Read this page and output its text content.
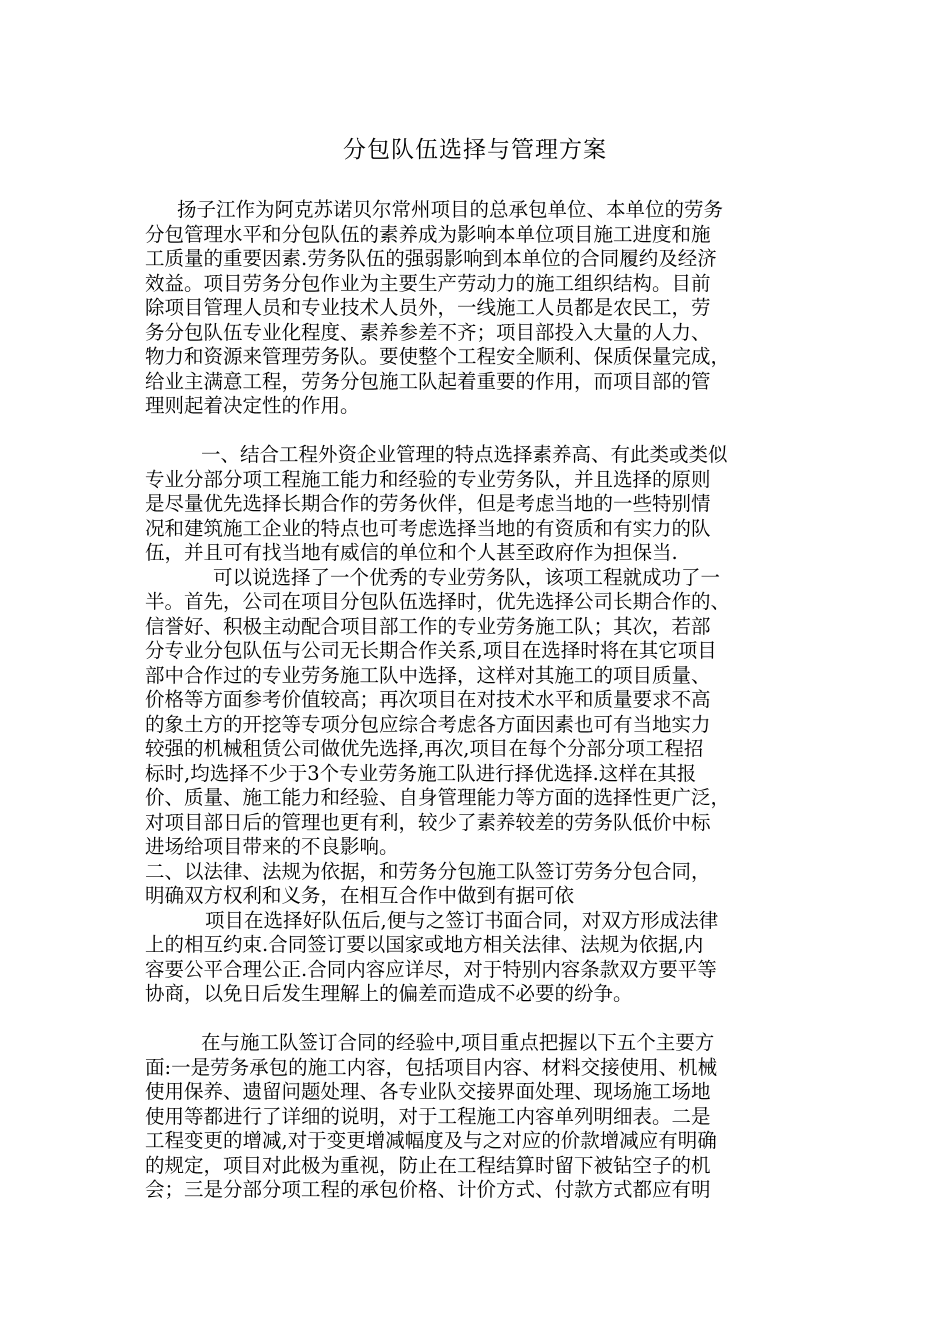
分包队伍选择与管理方案
扬子江作为阿克苏诺贝尔常州项目的总承包单位、本单位的劳务
分包管理水平和分包队伍的素养成为影响本单位项目施工进度和施
工质量的重要因素.劳务队伍的强弱影响到本单位的合同履约及经济
效益。项目劳务分包作业为主要生产劳动力的施工组织结构。目前
除项目管理人员和专业技术人员外，一线施工人员都是农民工，劳
务分包队伍专业化程度、素养参差不齐；项目部投入大量的人力、
物力和资源来管理劳务队。要使整个工程安全顺利、保质保量完成，
给业主满意工程，劳务分包施工队起着重要的作用，而项目部的管
理则起着决定性的作用。
一、结合工程外资企业管理的特点选择素养高、有此类或类似
专业分部分项工程施工能力和经验的专业劳务队，并且选择的原则
是尽量优先选择长期合作的劳务伙伴，但是考虑当地的一些特别情
况和建筑施工企业的特点也可考虑选择当地的有资质和有实力的队
伍，并且可有找当地有威信的单位和个人甚至政府作为担保当.
可以说选择了一个优秀的专业劳务队，该项工程就成功了一
半。首先，公司在项目分包队伍选择时，优先选择公司长期合作的、
信誉好、积极主动配合项目部工作的专业劳务施工队；其次，若部
分专业分包队伍与公司无长期合作关系,项目在选择时将在其它项目
部中合作过的专业劳务施工队中选择，这样对其施工的项目质量、
价格等方面参考价值较高；再次项目在对技术水平和质量要求不高
的象土方的开挖等专项分包应综合考虑各方面因素也可有当地实力
较强的机械租赁公司做优先选择,再次,项目在每个分部分项工程招
标时,均选择不少于3个专业劳务施工队进行择优选择.这样在其报
价、质量、施工能力和经验、自身管理能力等方面的选择性更广泛，
对项目部日后的管理也更有利，较少了素养较差的劳务队低价中标
进场给项目带来的不良影响。
二、以法律、法规为依据，和劳务分包施工队签订劳务分包合同，
明确双方权利和义务，在相互合作中做到有据可依
项目在选择好队伍后,便与之签订书面合同，对双方形成法律
上的相互约束.合同签订要以国家或地方相关法律、法规为依据,内
容要公平合理公正.合同内容应详尽，对于特别内容条款双方要平等
协商，以免日后发生理解上的偏差而造成不必要的纷争。
在与施工队签订合同的经验中,项目重点把握以下五个主要方
面:一是劳务承包的施工内容，包括项目内容、材料交接使用、机械
使用保养、遗留问题处理、各专业队交接界面处理、现场施工场地
使用等都进行了详细的说明，对于工程施工内容单列明细表。二是
工程变更的增减,对于变更增减幅度及与之对应的价款增减应有明确
的规定，项目对此极为重视，防止在工程结算时留下被钻空子的机
会；三是分部分项工程的承包价格、计价方式、付款方式都应有明
